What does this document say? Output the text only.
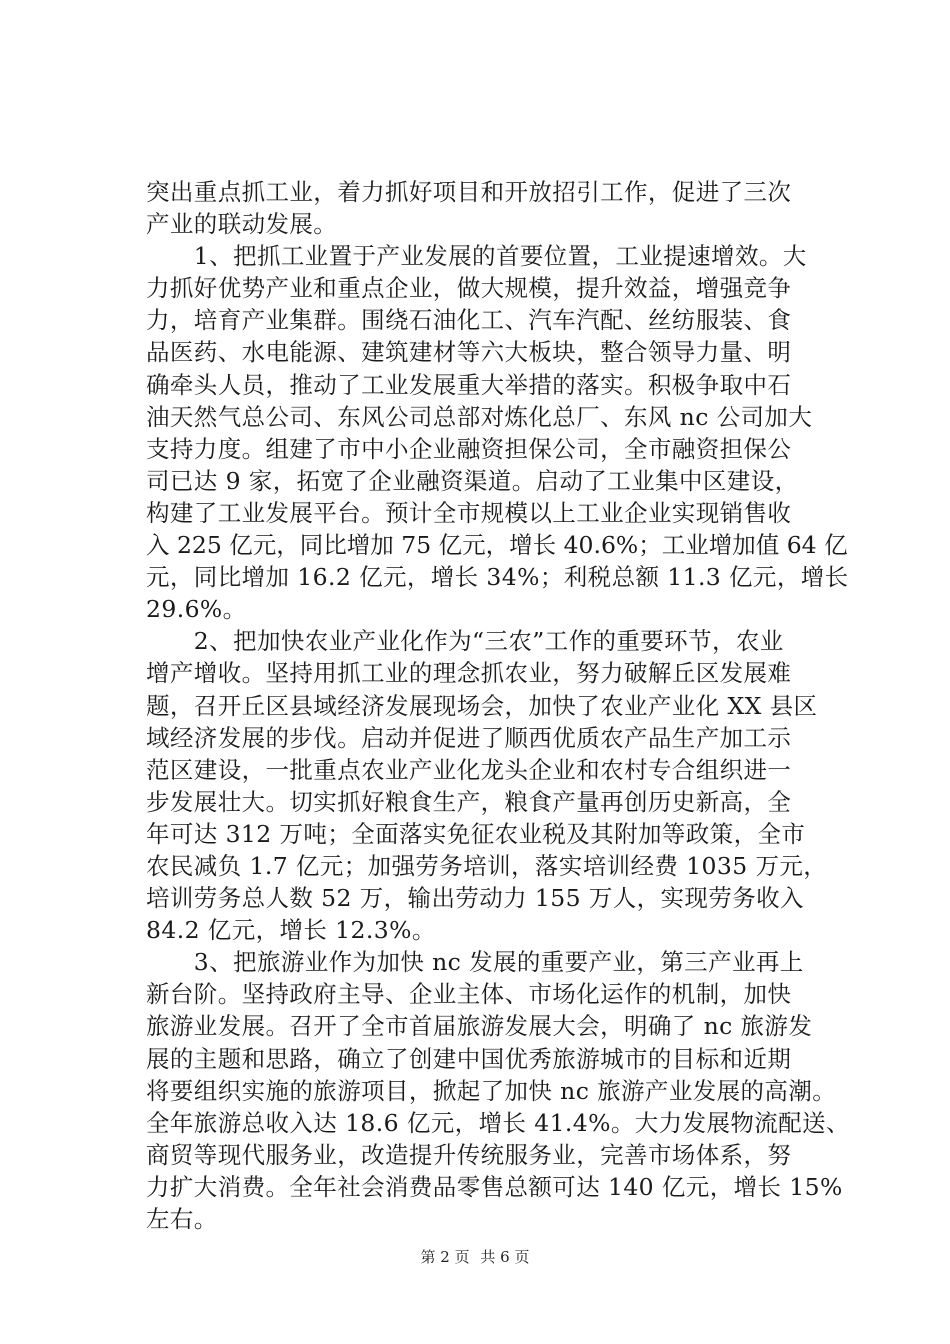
突出重点抓工业，着力抓好项目和开放招引工作，促进了三次
产业的联动发展。
　　1、把抓工业置于产业发展的首要位置，工业提速增效。大
力抓好优势产业和重点企业，做大规模，提升效益，增强竞争
力，培育产业集群。围绕石油化工、汽车汽配、丝纺服装、食
品医药、水电能源、建筑建材等六大板块，整合领导力量、明
确牵头人员，推动了工业发展重大举措的落实。积极争取中石
油天然气总公司、东风公司总部对炼化总厂、东风 nc 公司加大
支持力度。组建了市中小企业融资担保公司，全市融资担保公
司已达 9 家，拓宽了企业融资渠道。启动了工业集中区建设，
构建了工业发展平台。预计全市规模以上工业企业实现销售收
入 225 亿元，同比增加 75 亿元，增长 40.6%；工业增加值 64 亿
元，同比增加 16.2 亿元，增长 34%；利税总额 11.3 亿元，增长
29.6%。
　　2、把加快农业产业化作为“三农”工作的重要环节，农业
增产增收。坚持用抓工业的理念抓农业，努力破解丘区发展难
题，召开丘区县域经济发展现场会，加快了农业产业化 XX 县区
域经济发展的步伐。启动并促进了顺西优质农产品生产加工示
范区建设，一批重点农业产业化龙头企业和农村专合组织进一
步发展壮大。切实抓好粮食生产，粮食产量再创历史新高，全
年可达 312 万吨；全面落实免征农业税及其附加等政策，全市
农民减负 1.7 亿元；加强劳务培训，落实培训经费 1035 万元，
培训劳务总人数 52 万，输出劳动力 155 万人，实现劳务收入
84.2 亿元，增长 12.3%。
　　3、把旅游业作为加快 nc 发展的重要产业，第三产业再上
新台阶。坚持政府主导、企业主体、市场化运作的机制，加快
旅游业发展。召开了全市首届旅游发展大会，明确了 nc 旅游发
展的主题和思路，确立了创建中国优秀旅游城市的目标和近期
将要组织实施的旅游项目，掀起了加快 nc 旅游产业发展的高潮。
全年旅游总收入达 18.6 亿元，增长 41.4%。大力发展物流配送、
商贸等现代服务业，改造提升传统服务业，完善市场体系，努
力扩大消费。全年社会消费品零售总额可达 140 亿元，增长 15%
左右。
第 2 页 共 6 页
